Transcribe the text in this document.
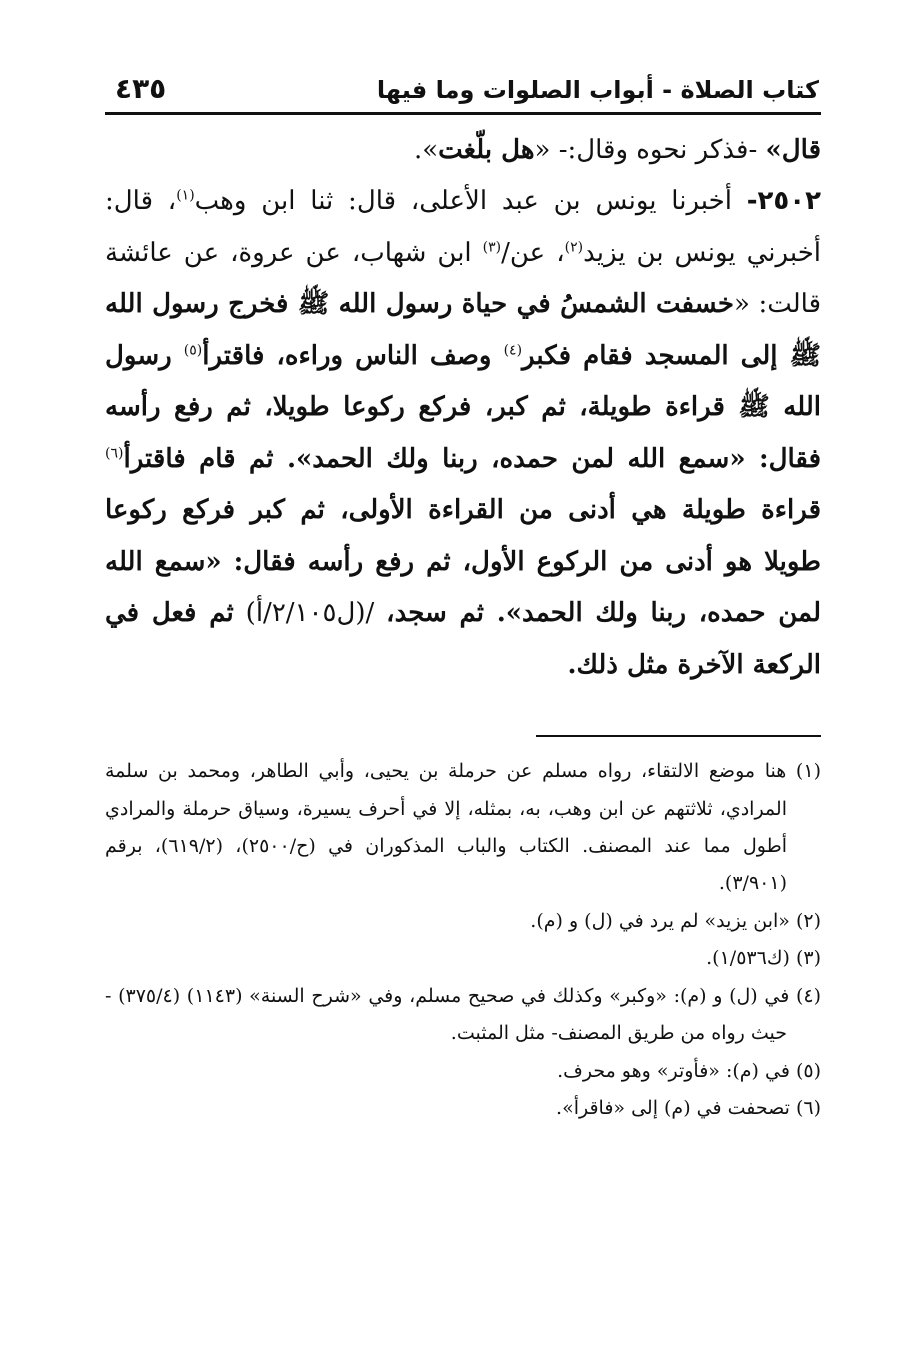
كتاب الصلاة - أبواب الصلوات وما فيها
٤٣٥

قال» -فذكر نحوه وقال:- «هل بلّغت».

٢٥٠٢- أخبرنا يونس بن عبد الأعلى، قال: ثنا ابن وهب$^{(١)}$، قال: أخبرني يونس بن يزيد$^{(٢)}$، عن/$^{(٣)}$ ابن شهاب، عن عروة، عن عائشة قالت: «خسفت الشمسُ في حياة رسول الله ﷺ فخرج رسول الله ﷺ إلى المسجد فقام فكبر$^{(٤)}$ وصف الناس وراءه، فاقترأ$^{(٥)}$ رسول الله ﷺ قراءة طويلة، ثم كبر، فركع ركوعا طويلا، ثم رفع رأسه فقال: «سمع الله لمن حمده، ربنا ولك الحمد». ثم قام فاقترأ$^{(٦)}$ قراءة طويلة هي أدنى من القراءة الأولى، ثم كبر فركع ركوعا طويلا هو أدنى من الركوع الأول، ثم رفع رأسه فقال: «سمع الله لمن حمده، ربنا ولك الحمد». ثم سجد، /(ل٢/١٠٥/أ) ثم فعل في الركعة الآخرة مثل ذلك.

(١) هنا موضع الالتقاء، رواه مسلم عن حرملة بن يحيى، وأبي الطاهر، ومحمد بن سلمة المرادي، ثلاثتهم عن ابن وهب، به، بمثله، إلا في أحرف يسيرة، وسياق حرملة والمرادي أطول مما عند المصنف. الكتاب والباب المذكوران في (ح/٢٥٠٠)، (٦١٩/٢)، برقم (٣/٩٠١).
(٢) «ابن يزيد» لم يرد في (ل) و (م).
(٣) (ك١/٥٣٦).
(٤) في (ل) و (م): «وكبر» وكذلك في صحيح مسلم، وفي «شرح السنة» (١١٤٣) (٣٧٥/٤) - حيث رواه من طريق المصنف- مثل المثبت.
(٥) في (م): «فأوتر» وهو محرف.
(٦) تصحفت في (م) إلى «فاقرأ».
